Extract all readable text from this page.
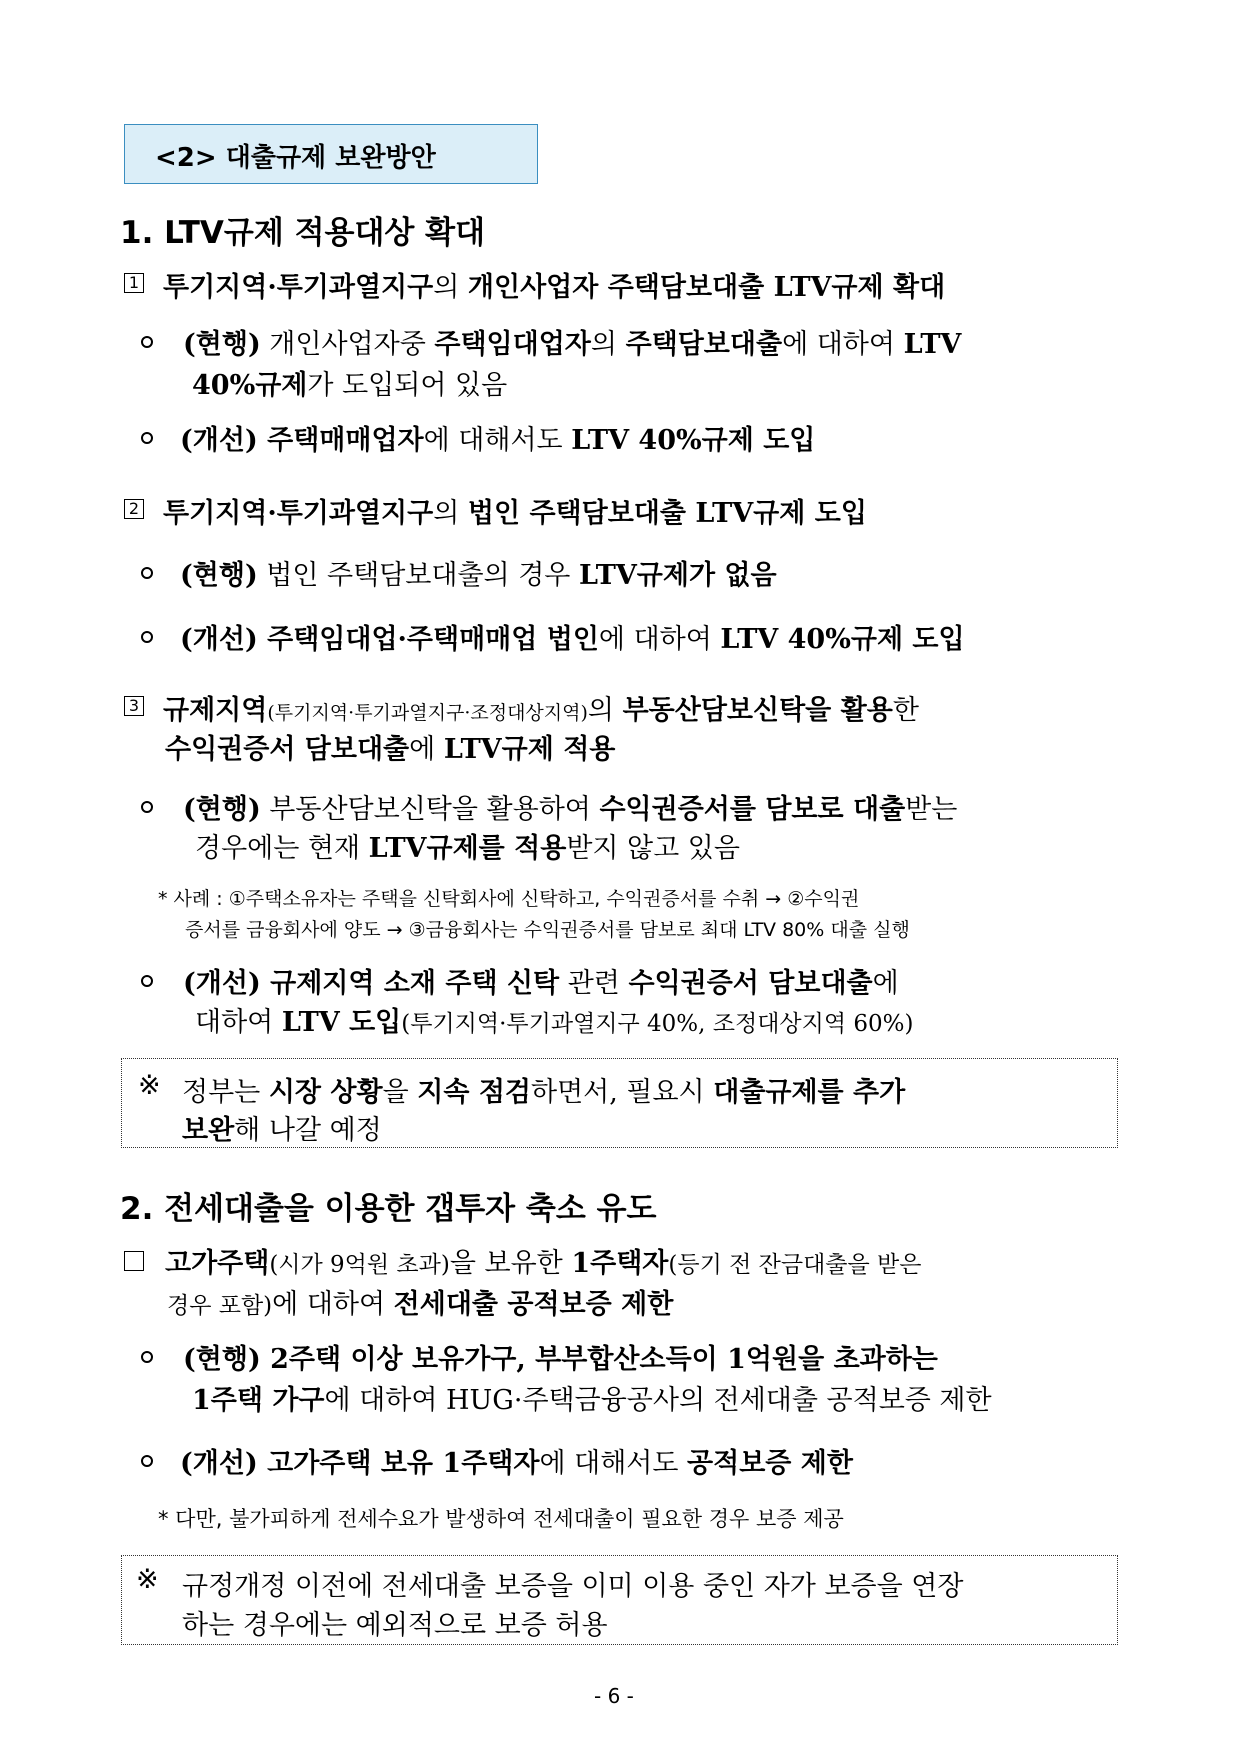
<2> 대출규제 보완방안
1. LTV규제 적용대상 확대
1 투기지역·투기과열지구의 개인사업자 주택담보대출 LTV규제 확대
(현행) 개인사업자중 주택임대업자의 주택담보대출에 대하여 LTV
40%규제가 도입되어 있음
(개선) 주택매매업자에 대해서도 LTV 40%규제 도입
2 투기지역·투기과열지구의 법인 주택담보대출 LTV규제 도입
(현행) 법인 주택담보대출의 경우 LTV규제가 없음
(개선) 주택임대업·주택매매업 법인에 대하여 LTV 40%규제 도입
3 규제지역(투기지역·투기과열지구·조정대상지역)의 부동산담보신탁을 활용한
수익권증서 담보대출에 LTV규제 적용
(현행) 부동산담보신탁을 활용하여 수익권증서를 담보로 대출받는
경우에는 현재 LTV규제를 적용받지 않고 있음
* 사례 : ①주택소유자는 주택을 신탁회사에 신탁하고, 수익권증서를 수취 → ②수익권
증서를 금융회사에 양도 → ③금융회사는 수익권증서를 담보로 최대 LTV 80% 대출 실행
(개선) 규제지역 소재 주택 신탁 관련 수익권증서 담보대출에
대하여 LTV 도입(투기지역·투기과열지구 40%, 조정대상지역 60%)
※ 정부는 시장 상황을 지속 점검하면서, 필요시 대출규제를 추가
보완해 나갈 예정
2. 전세대출을 이용한 갭투자 축소 유도
고가주택(시가 9억원 초과)을 보유한 1주택자(등기 전 잔금대출을 받은
경우 포함)에 대하여 전세대출 공적보증 제한
(현행) 2주택 이상 보유가구, 부부합산소득이 1억원을 초과하는
1주택 가구에 대하여 HUG·주택금융공사의 전세대출 공적보증 제한
(개선) 고가주택 보유 1주택자에 대해서도 공적보증 제한
* 다만, 불가피하게 전세수요가 발생하여 전세대출이 필요한 경우 보증 제공
※ 규정개정 이전에 전세대출 보증을 이미 이용 중인 자가 보증을 연장
하는 경우에는 예외적으로 보증 허용
- 6 -
